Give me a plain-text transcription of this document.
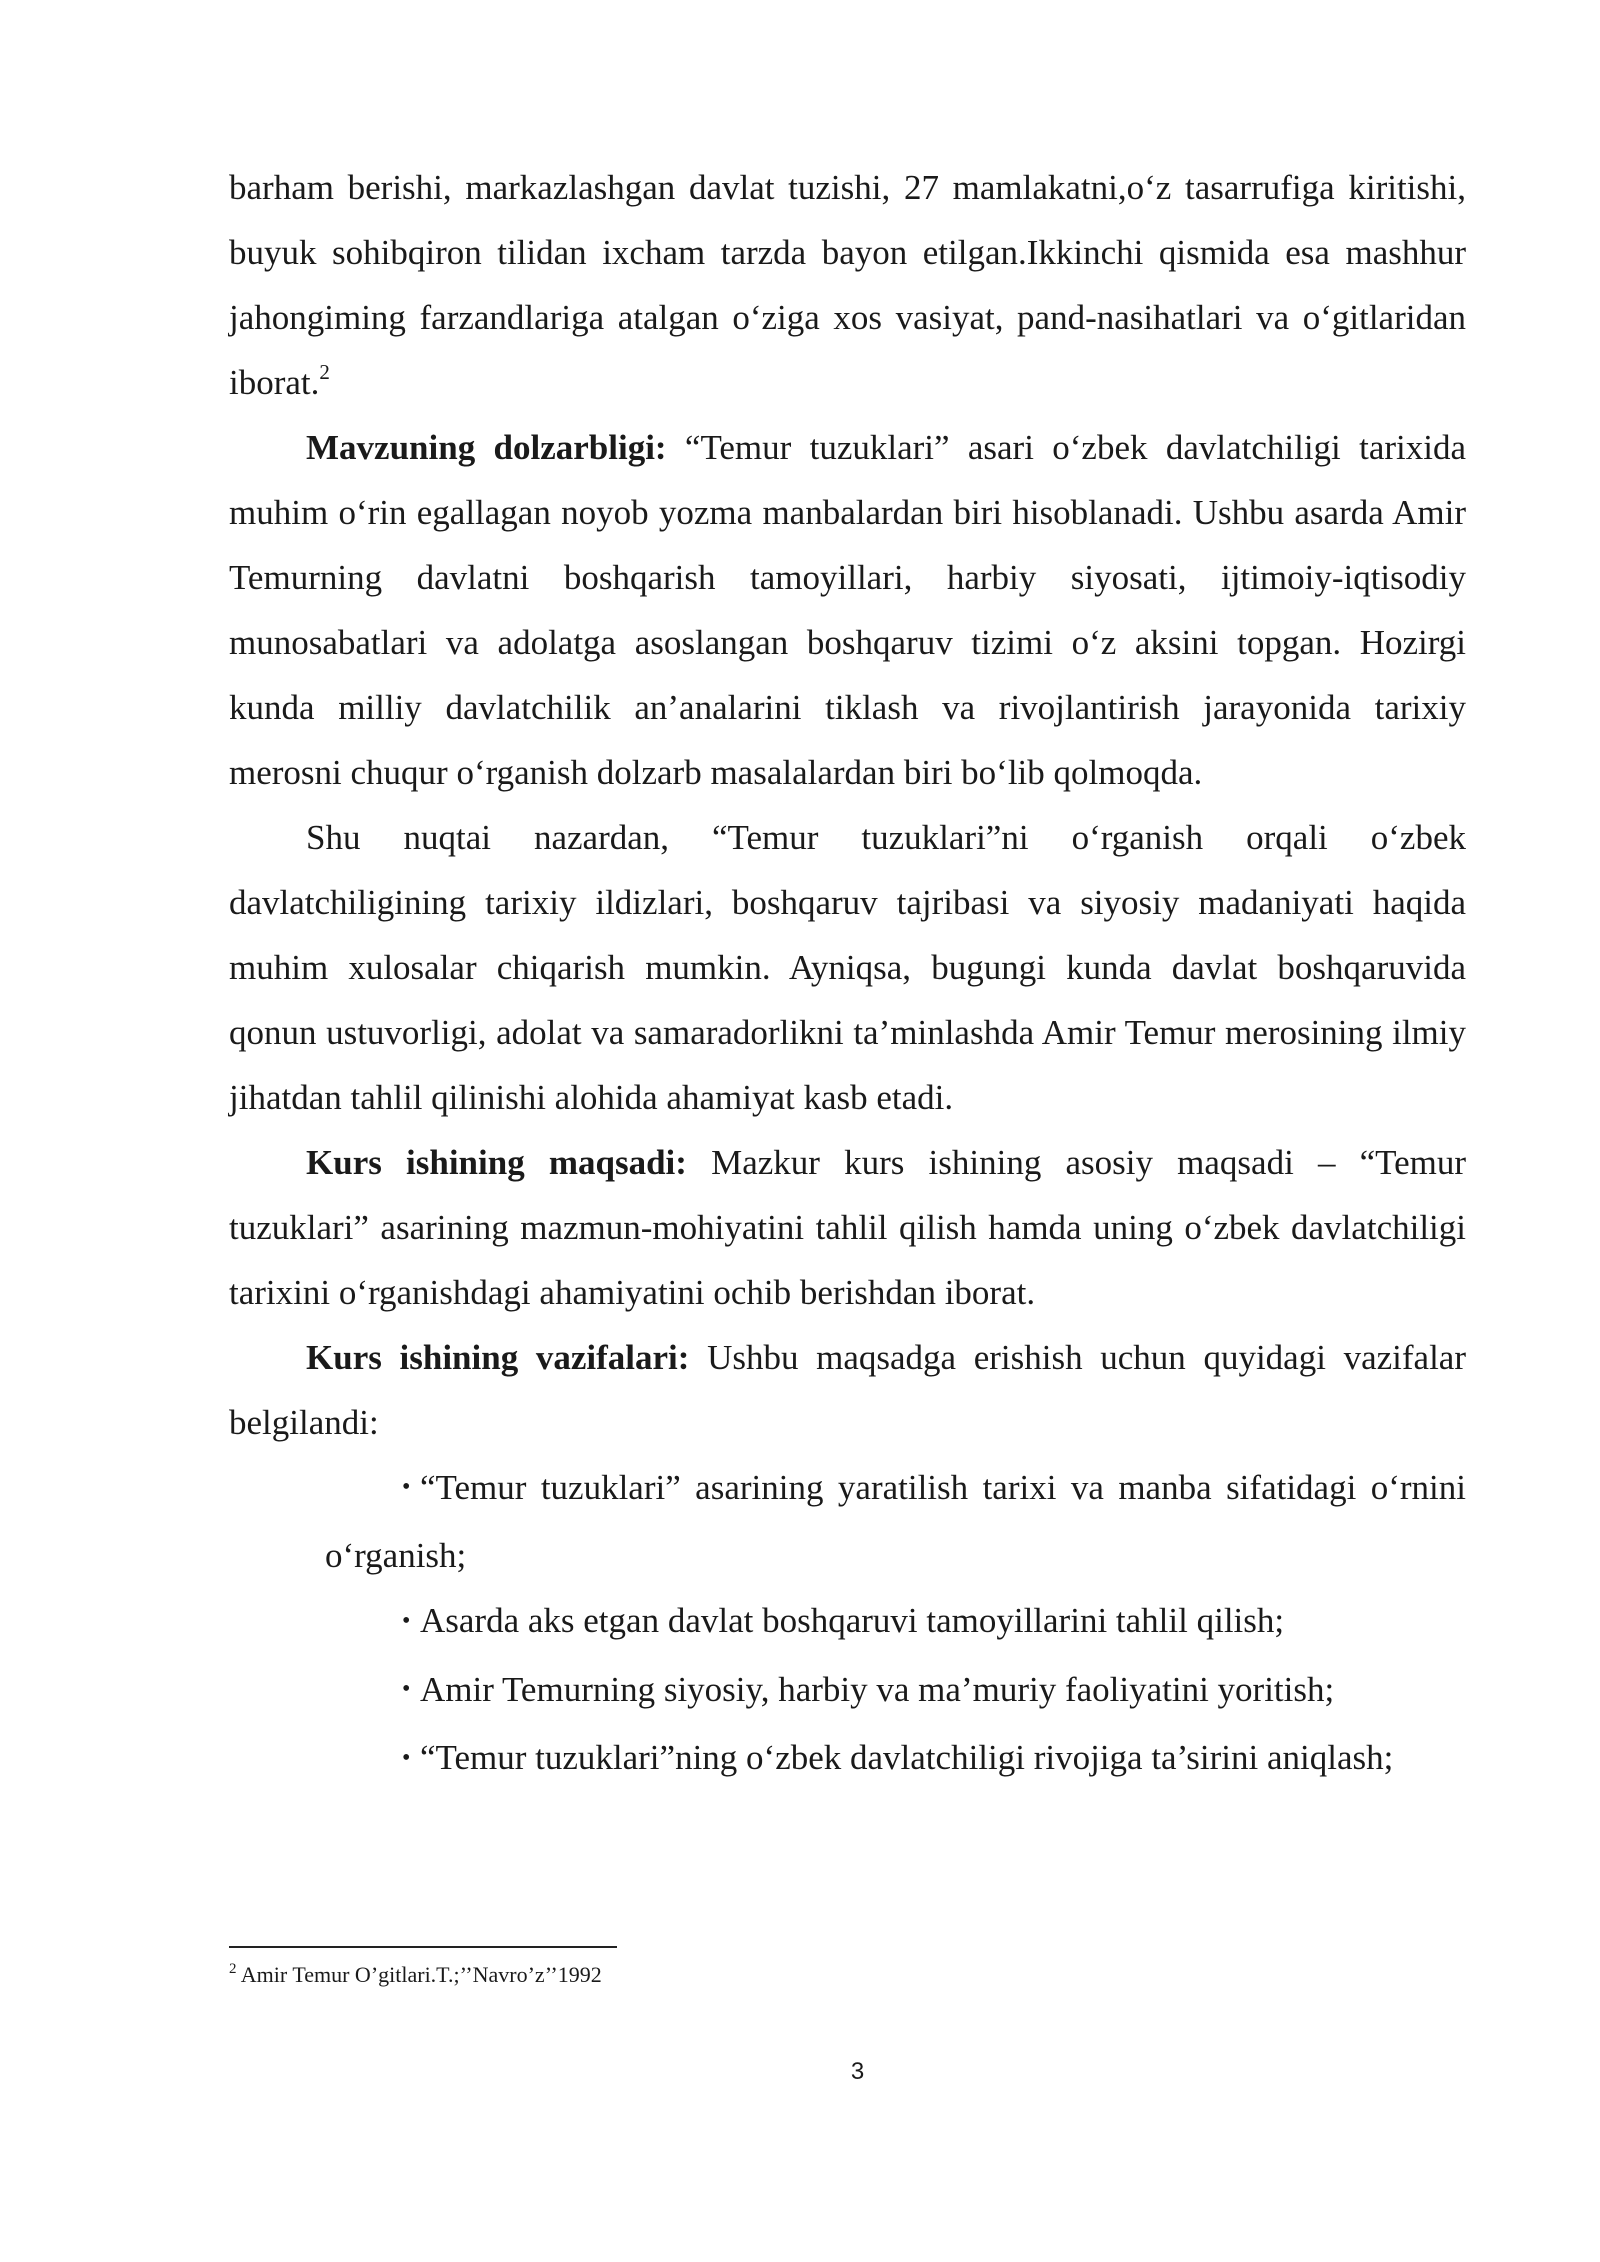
barham berishi, markazlashgan davlat tuzishi, 27 mamlakatni,o‘z tasarrufiga kiritishi, buyuk sohibqiron tilidan ixcham tarzda bayon etilgan.Ikkinchi qismida esa mashhur jahongiming farzandlariga atalgan o‘ziga xos vasiyat, pand-nasihatlari va o‘gitlaridan iborat.$^2$

Mavzuning dolzarbligi: “Temur tuzuklari” asari o‘zbek davlatchiligi tarixida muhim o‘rin egallagan noyob yozma manbalardan biri hisoblanadi. Ushbu asarda Amir Temurning davlatni boshqarish tamoyillari, harbiy siyosati, ijtimoiy-iqtisodiy munosabatlari va adolatga asoslangan boshqaruv tizimi o‘z aksini topgan. Hozirgi kunda milliy davlatchilik an’analarini tiklash va rivojlantirish jarayonida tarixiy merosni chuqur o‘rganish dolzarb masalalardan biri bo‘lib qolmoqda.

Shu nuqtai nazardan, “Temur tuzuklari”ni o‘rganish orqali o‘zbek davlatchiligining tarixiy ildizlari, boshqaruv tajribasi va siyosiy madaniyati haqida muhim xulosalar chiqarish mumkin. Ayniqsa, bugungi kunda davlat boshqaruvida qonun ustuvorligi, adolat va samaradorlikni ta’minlashda Amir Temur merosining ilmiy jihatdan tahlil qilinishi alohida ahamiyat kasb etadi.

Kurs ishining maqsadi: Mazkur kurs ishining asosiy maqsadi – “Temur tuzuklari” asarining mazmun-mohiyatini tahlil qilish hamda uning o‘zbek davlatchiligi tarixini o‘rganishdagi ahamiyatini ochib berishdan iborat.

Kurs ishining vazifalari: Ushbu maqsadga erishish uchun quyidagi vazifalar belgilandi:

• “Temur tuzuklari” asarining yaratilish tarixi va manba sifatidagi o‘rnini o‘rganish;

• Asarda aks etgan davlat boshqaruvi tamoyillarini tahlil qilish;

• Amir Temurning siyosiy, harbiy va ma’muriy faoliyatini yoritish;

• “Temur tuzuklari”ning o‘zbek davlatchiligi rivojiga ta’sirini aniqlash;

$^2$ Amir Temur O’gitlari.T.;’’Navro’z’’1992
3
